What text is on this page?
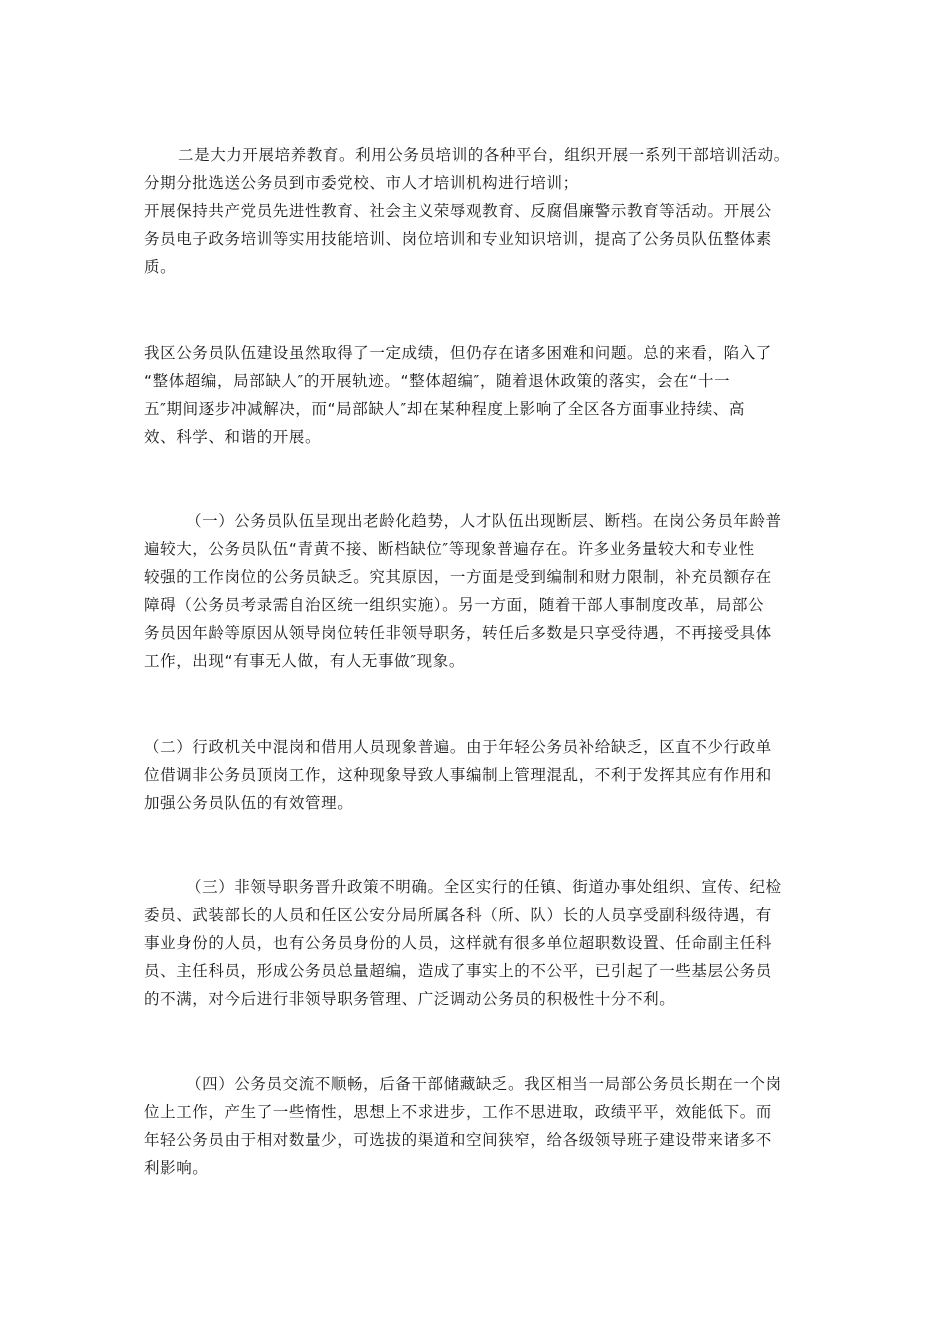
二是大力开展培养教育。利用公务员培训的各种平台，组织开展一系列干部培训活动。
分期分批选送公务员到市委党校、市人才培训机构进行培训；
开展保持共产党员先进性教育、社会主义荣辱观教育、反腐倡廉警示教育等活动。开展公
务员电子政务培训等实用技能培训、岗位培训和专业知识培训，提高了公务员队伍整体素
质。

我区公务员队伍建设虽然取得了一定成绩，但仍存在诸多困难和问题。总的来看，陷入了
“整体超编，局部缺人″的开展轨迹。“整体超编″，随着退休政策的落实，会在“十一
五″期间逐步冲减解决，而“局部缺人″却在某种程度上影响了全区各方面事业持续、高
效、科学、和谐的开展。

（一）公务员队伍呈现出老龄化趋势，人才队伍出现断层、断档。在岗公务员年龄普
遍较大，公务员队伍“青黄不接、断档缺位″等现象普遍存在。许多业务量较大和专业性
较强的工作岗位的公务员缺乏。究其原因，一方面是受到编制和财力限制，补充员额存在
障碍（公务员考录需自治区统一组织实施）。另一方面，随着干部人事制度改革，局部公
务员因年龄等原因从领导岗位转任非领导职务，转任后多数是只享受待遇，不再接受具体
工作，出现“有事无人做，有人无事做″现象。

（二）行政机关中混岗和借用人员现象普遍。由于年轻公务员补给缺乏，区直不少行政单
位借调非公务员顶岗工作，这种现象导致人事编制上管理混乱，不利于发挥其应有作用和
加强公务员队伍的有效管理。

（三）非领导职务晋升政策不明确。全区实行的任镇、街道办事处组织、宣传、纪检
委员、武装部长的人员和任区公安分局所属各科（所、队）长的人员享受副科级待遇，有
事业身份的人员，也有公务员身份的人员，这样就有很多单位超职数设置、任命副主任科
员、主任科员，形成公务员总量超编，造成了事实上的不公平，已引起了一些基层公务员
的不满，对今后进行非领导职务管理、广泛调动公务员的积极性十分不利。

（四）公务员交流不顺畅，后备干部储藏缺乏。我区相当一局部公务员长期在一个岗
位上工作，产生了一些惰性，思想上不求进步，工作不思进取，政绩平平，效能低下。而
年轻公务员由于相对数量少，可选拔的渠道和空间狭窄，给各级领导班子建设带来诸多不
利影响。
